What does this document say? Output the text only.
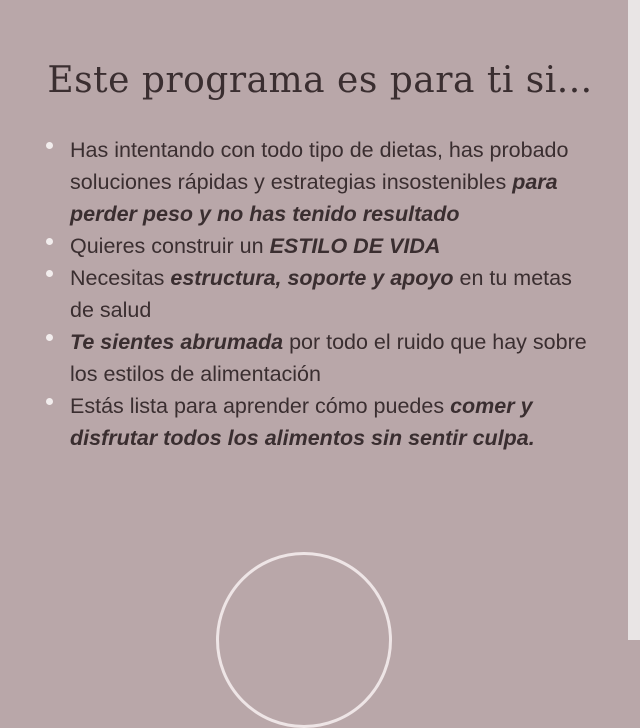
Este programa es para ti si...
Has intentando con todo tipo de dietas, has probado soluciones rápidas y estrategias insostenibles para perder peso y no has tenido resultado
Quieres construir un ESTILO DE VIDA
Necesitas estructura, soporte y apoyo en tu metas de salud
Te sientes abrumada por todo el ruido que hay sobre los estilos de alimentación
Estás lista para aprender cómo puedes comer y disfrutar todos los alimentos sin sentir culpa.
